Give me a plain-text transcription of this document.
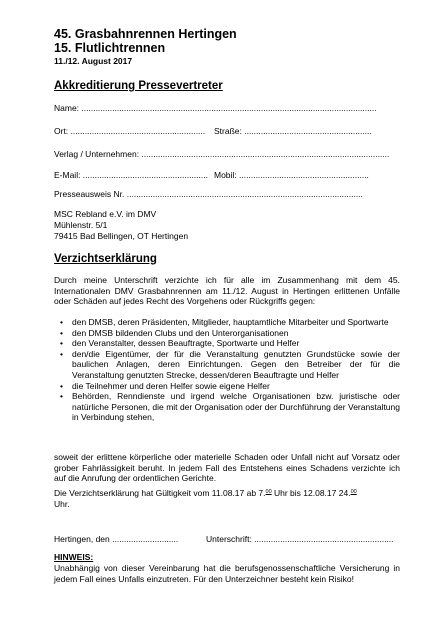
45. Grasbahnrennen Hertingen
15. Flutlichtrennen
11./12. August 2017
Akkreditierung Pressevertreter
Name: .............................................................................................................................
Ort: ......................................................... Straße: ......................................................
Verlag / Unternehmen: .........................................................................................................
E-Mail: ..................................................... Mobil: .......................................................
Presseausweis Nr. ....................................................................................................
MSC Rebland e.V. im DMV
Mühlenstr. 5/1
79415 Bad Bellingen, OT Hertingen
Verzichtserklärung
Durch meine Unterschrift verzichte ich für alle im Zusammenhang mit dem 45. Internationalen DMV Grasbahnrennen am 11./12. August in Hertingen erlittenen Unfälle oder Schäden auf jedes Recht des Vorgehens oder Rückgriffs gegen:
• den DMSB, deren Präsidenten, Mitglieder, hauptamtliche Mitarbeiter und Sportwarte
• den DMSB bildenden Clubs und den Unterorganisationen
• den Veranstalter, dessen Beauftragte, Sportwarte und Helfer
• den/die Eigentümer, der für die Veranstaltung genutzten Grundstücke sowie der baulichen Anlagen, deren Einrichtungen. Gegen den Betreiber der für die Veranstaltung genutzten Strecke, dessen/deren Beauftragte und Helfer
• die Teilnehmer und deren Helfer sowie eigene Helfer
• Behörden, Renndienste und irgend welche Organisationen bzw. juristische oder natürliche Personen, die mit der Organisation oder der Durchführung der Veranstaltung in Verbindung stehen,
soweit der erlittene körperliche oder materielle Schaden oder Unfall nicht auf Vorsatz oder grober Fahrlässigkeit beruht. In jedem Fall des Entstehens eines Schadens verzichte ich auf die Anrufung der ordentlichen Gerichte.
Die Verzichtserklärung hat Gültigkeit vom 11.08.17 ab 7.00 Uhr bis 12.08.17 24.00
Uhr.
Hertingen, den ............................	Unterschrift: ...........................................................
HINWEIS:
Unabhängig von dieser Vereinbarung hat die berufsgenossenschaftliche Versicherung in jedem Fall eines Unfalls einzutreten. Für den Unterzeichner besteht kein Risiko!
